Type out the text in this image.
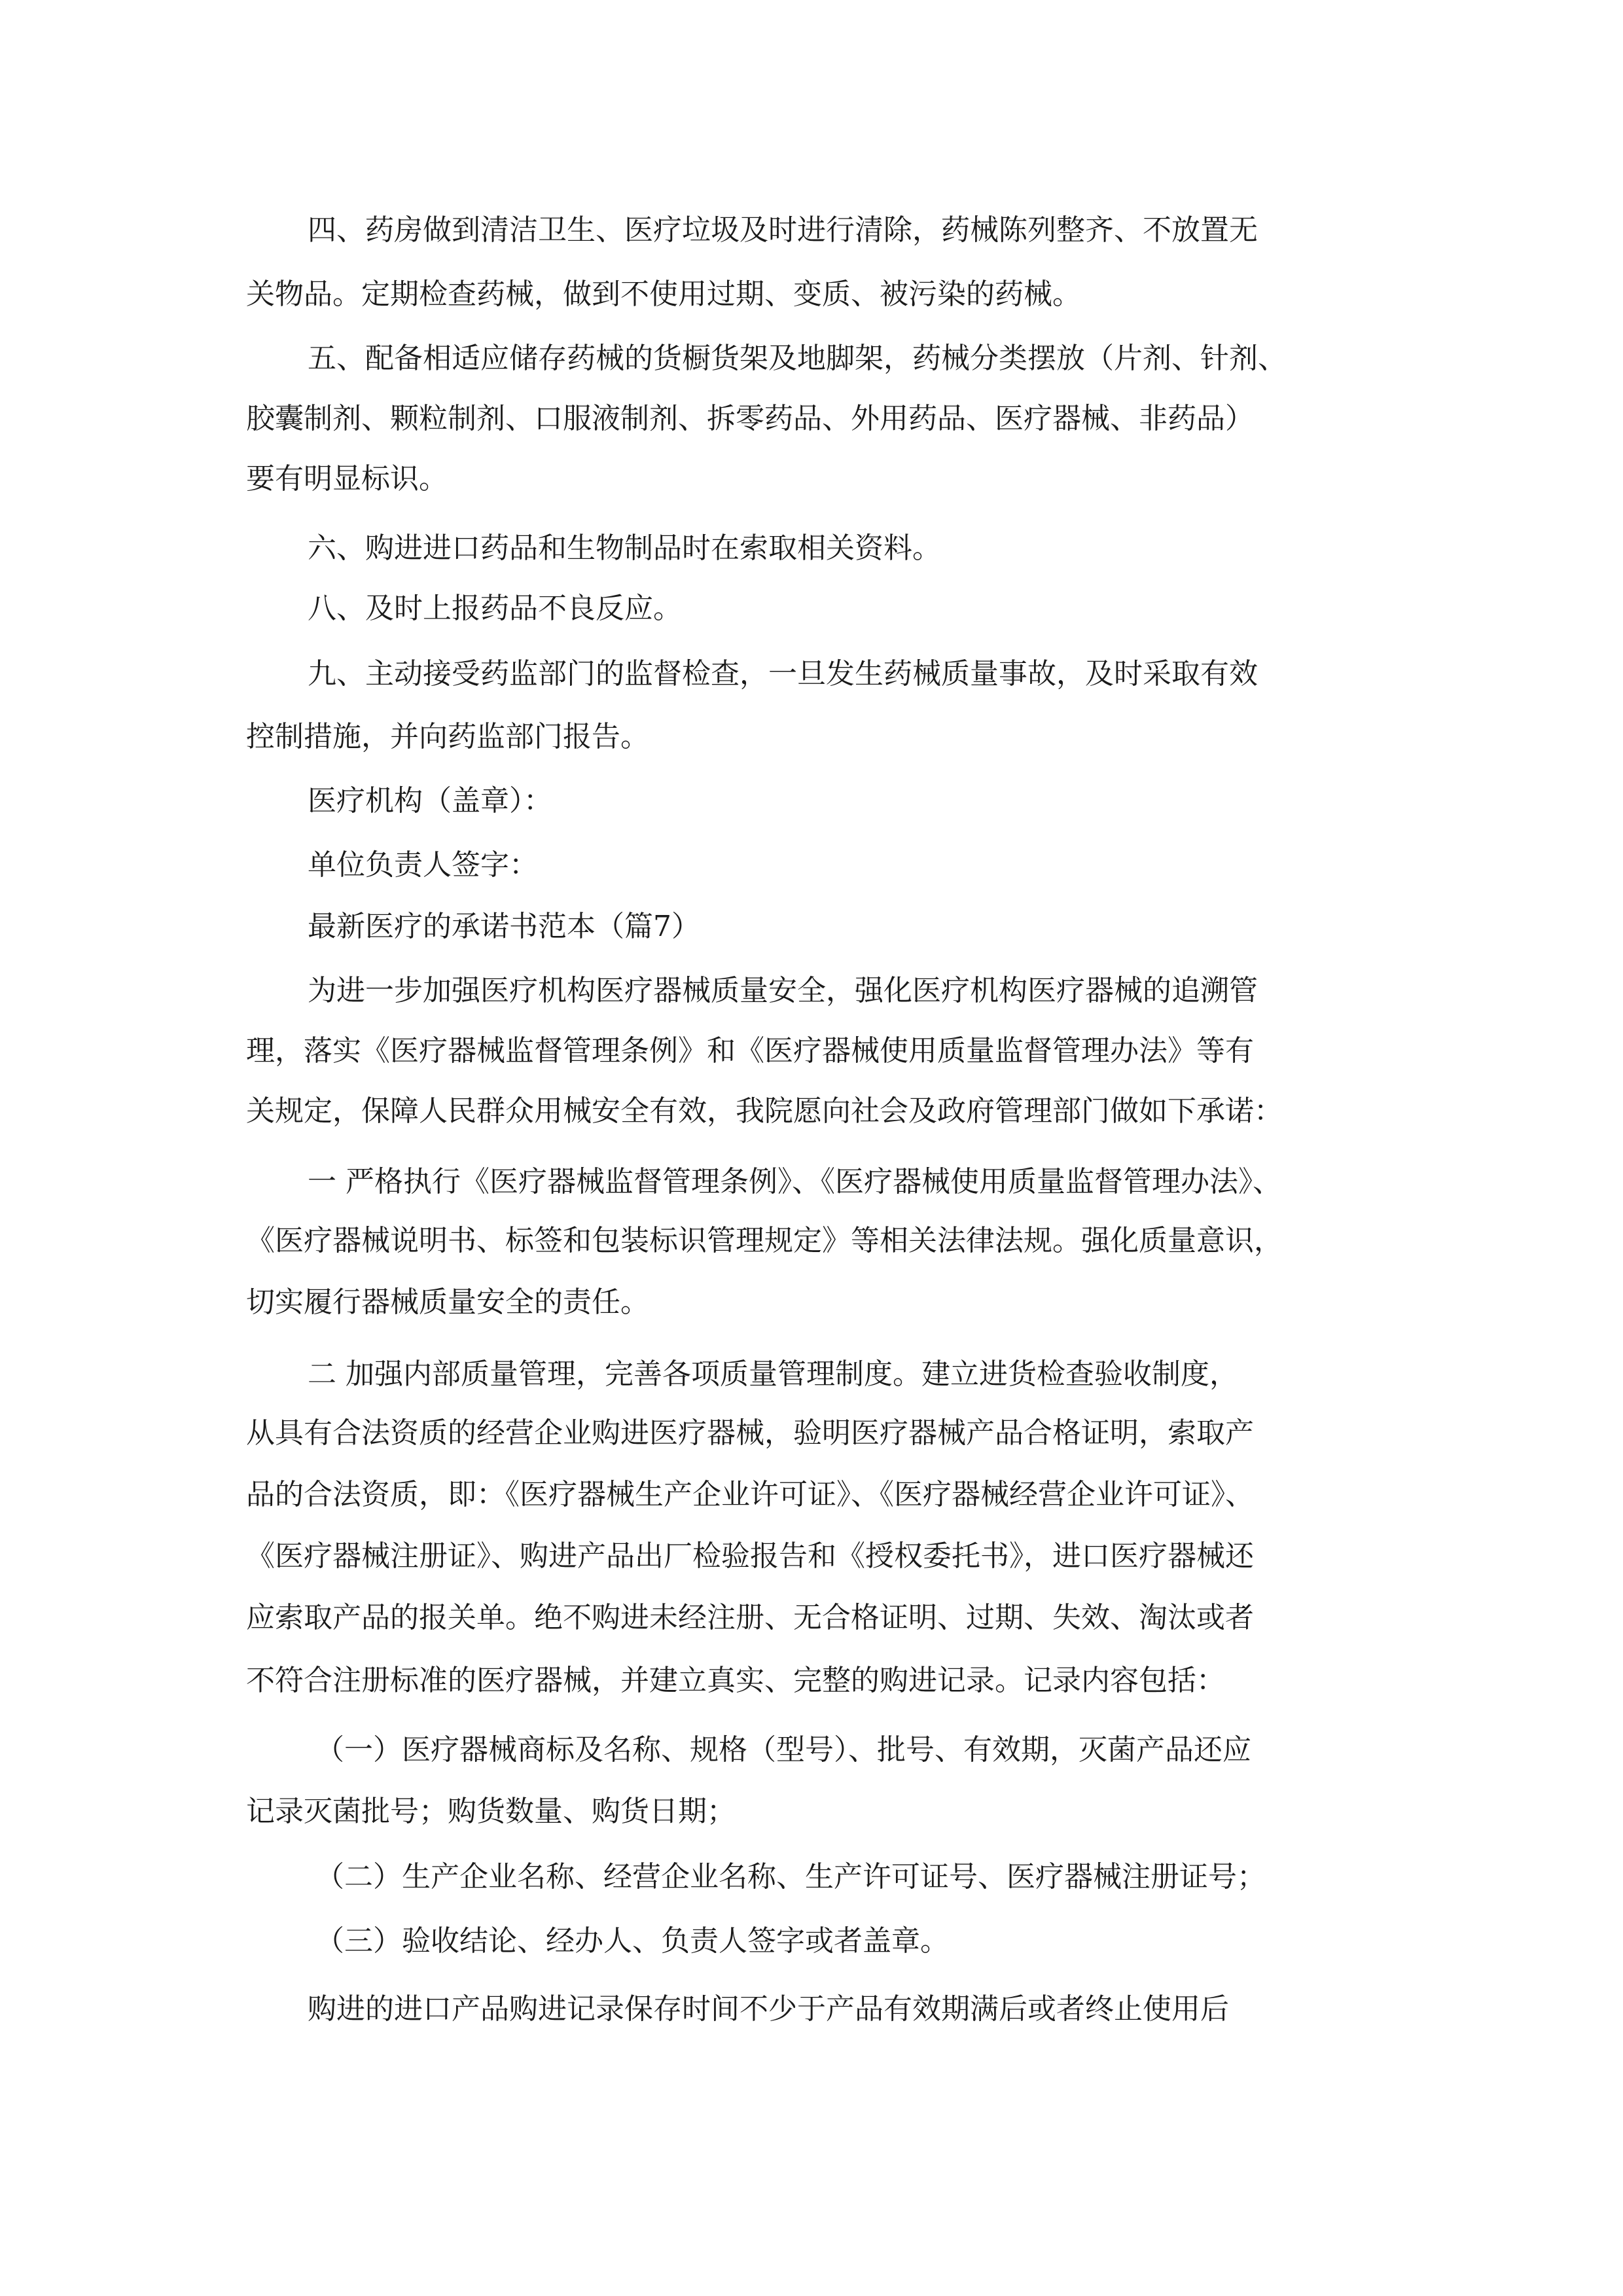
四、药房做到清洁卫生、医疗垃圾及时进行清除，药械陈列整齐、不放置无
关物品。定期检查药械，做到不使用过期、变质、被污染的药械。
五、配备相适应储存药械的货橱货架及地脚架，药械分类摆放（片剂、针剂、
胶囊制剂、颗粒制剂、口服液制剂、拆零药品、外用药品、医疗器械、非药品）
要有明显标识。
六、购进进口药品和生物制品时在索取相关资料。
八、及时上报药品不良反应。
九、主动接受药监部门的监督检查，一旦发生药械质量事故，及时采取有效
控制措施，并向药监部门报告。
医疗机构（盖章）：
单位负责人签字：
最新医疗的承诺书范本（篇7）
为进一步加强医疗机构医疗器械质量安全，强化医疗机构医疗器械的追溯管
理，落实《医疗器械监督管理条例》和《医疗器械使用质量监督管理办法》等有
关规定，保障人民群众用械安全有效，我院愿向社会及政府管理部门做如下承诺：
一 严格执行《医疗器械监督管理条例》、《医疗器械使用质量监督管理办法》、
《医疗器械说明书、标签和包装标识管理规定》等相关法律法规。强化质量意识，
切实履行器械质量安全的责任。
二 加强内部质量管理，完善各项质量管理制度。建立进货检查验收制度，
从具有合法资质的经营企业购进医疗器械，验明医疗器械产品合格证明，索取产
品的合法资质，即：《医疗器械生产企业许可证》、《医疗器械经营企业许可证》、
《医疗器械注册证》、购进产品出厂检验报告和《授权委托书》，进口医疗器械还
应索取产品的报关单。绝不购进未经注册、无合格证明、过期、失效、淘汰或者
不符合注册标准的医疗器械，并建立真实、完整的购进记录。记录内容包括：
（一）医疗器械商标及名称、规格（型号）、批号、有效期，灭菌产品还应
记录灭菌批号；购货数量、购货日期；
（二）生产企业名称、经营企业名称、生产许可证号、医疗器械注册证号；
（三）验收结论、经办人、负责人签字或者盖章。
购进的进口产品购进记录保存时间不少于产品有效期满后或者终止使用后
